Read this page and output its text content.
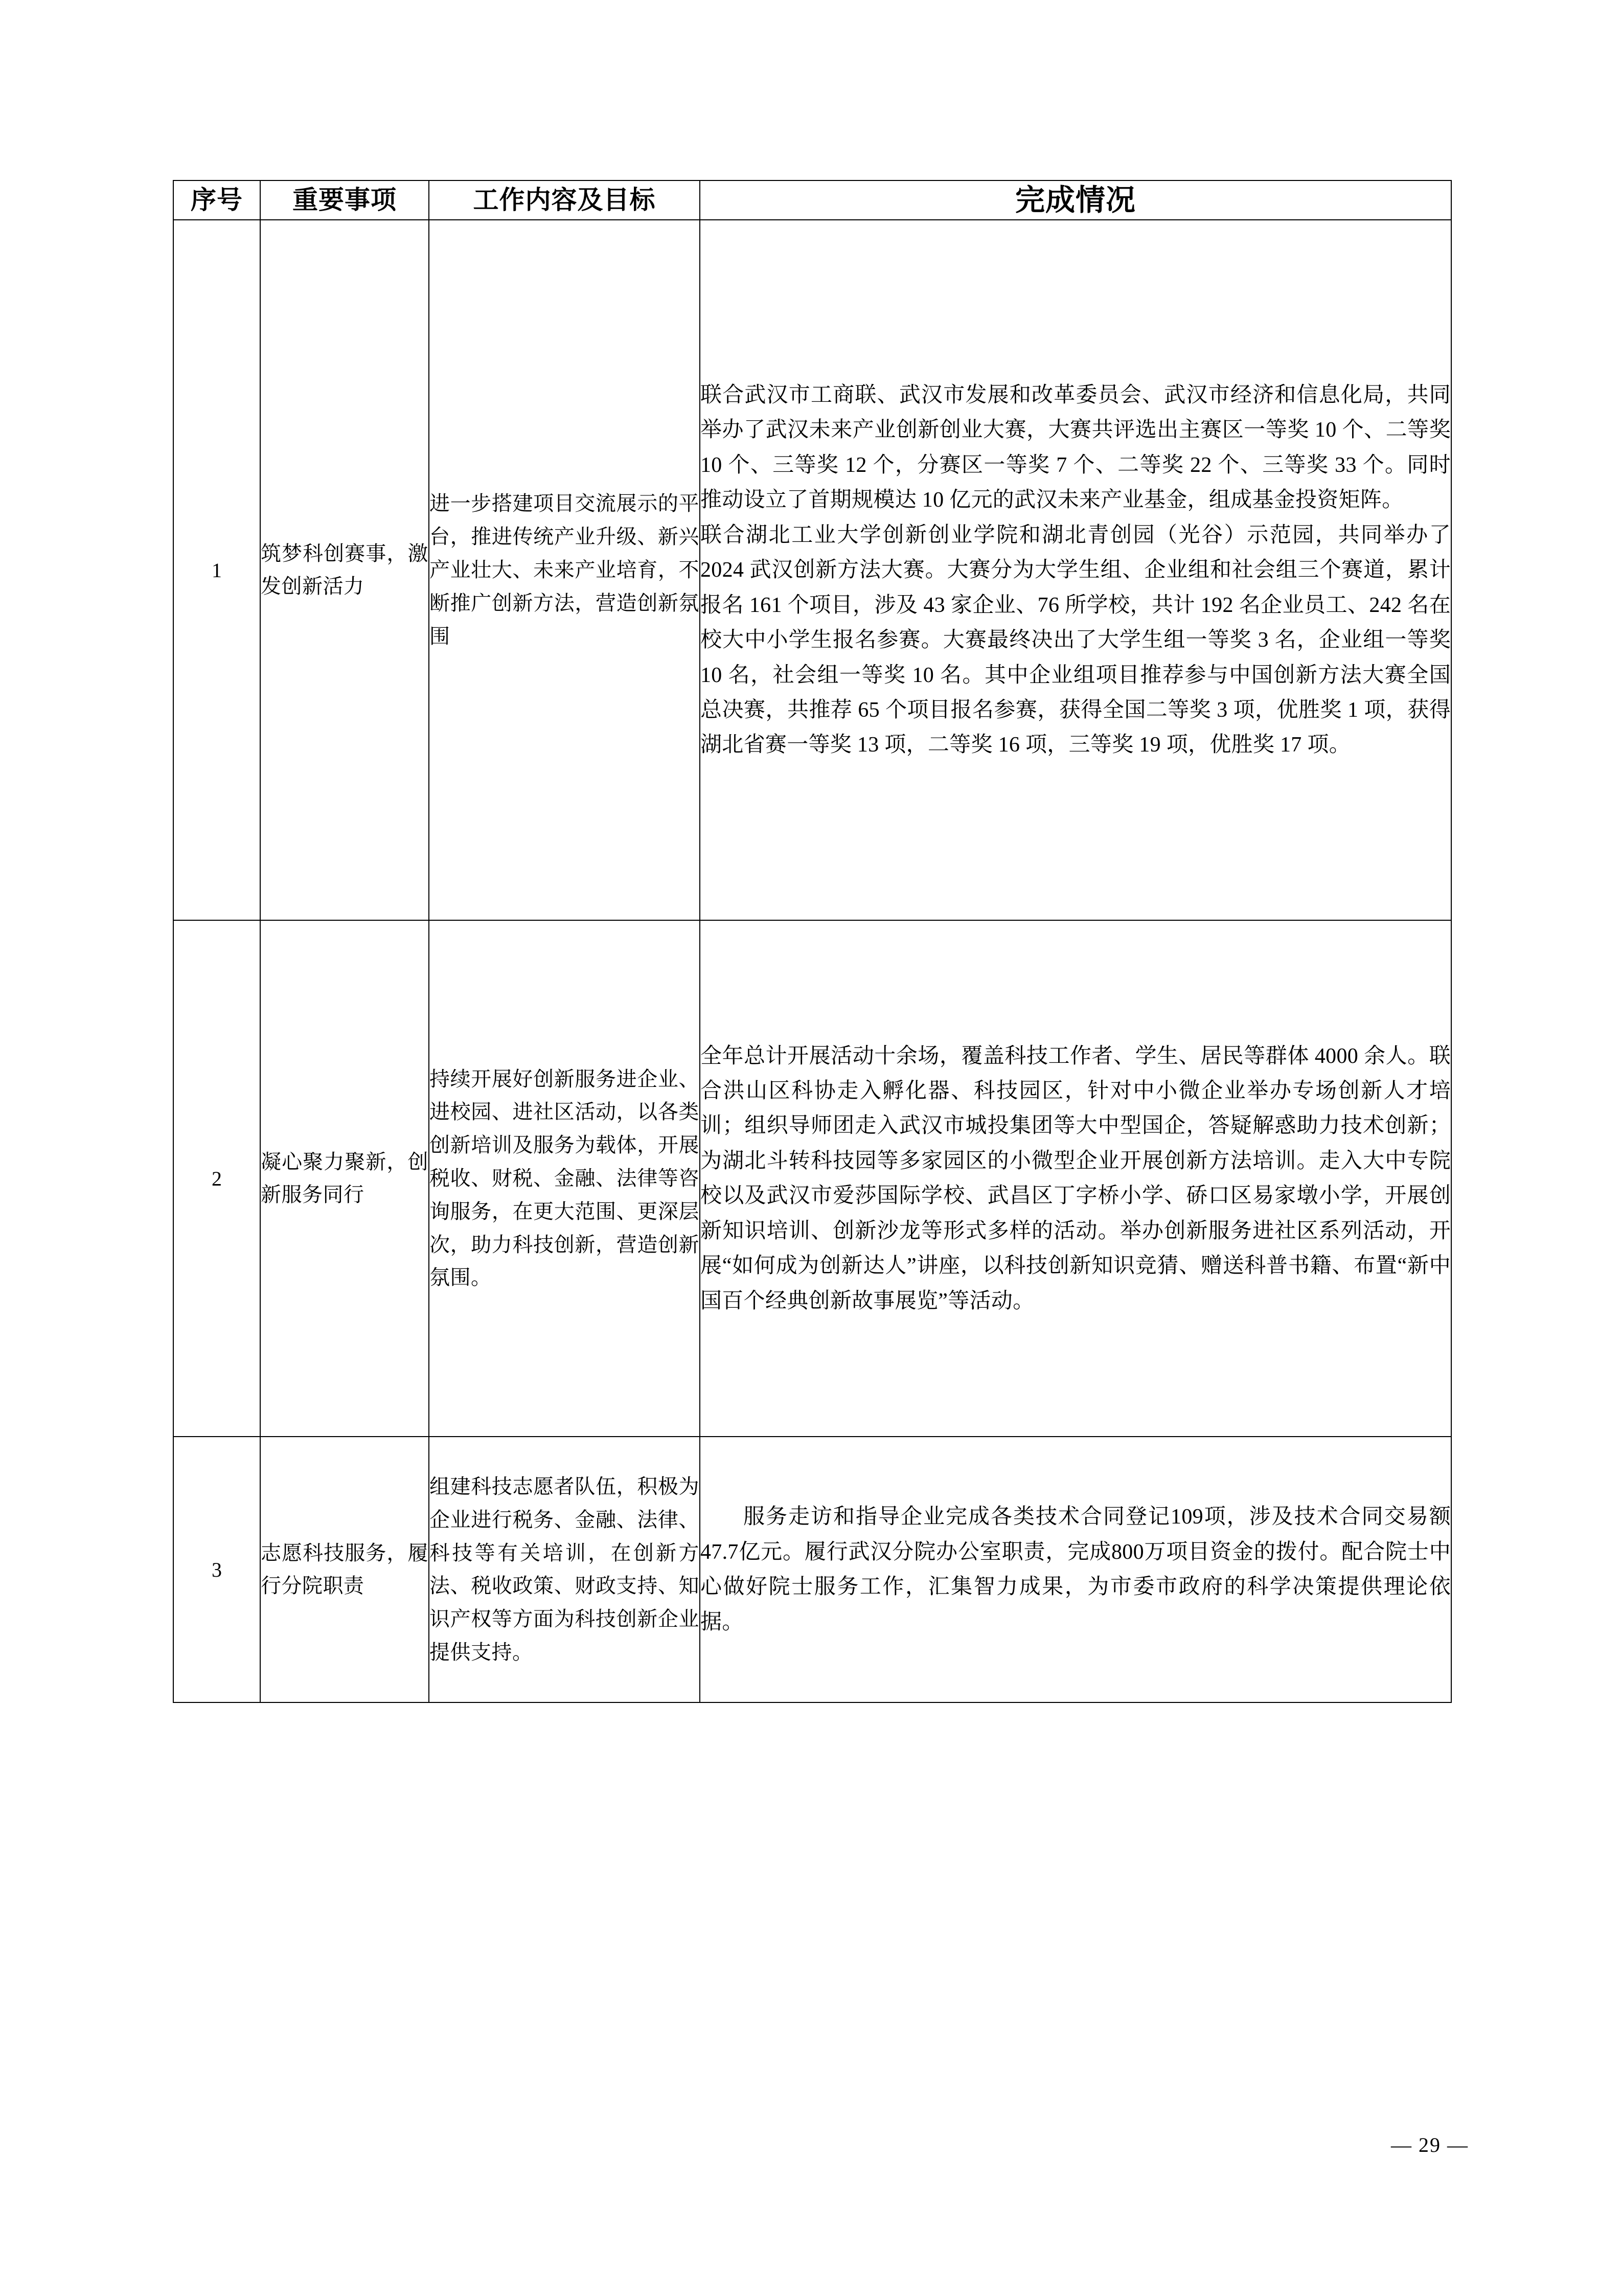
序号	重要事项	工作内容及目标	完成情况
1	筑梦科创赛事，激发创新活力	进一步搭建项目交流展示的平台，推进传统产业升级、新兴产业壮大、未来产业培育，不断推广创新方法，营造创新氛围	联合武汉市工商联、武汉市发展和改革委员会、武汉市经济和信息化局，共同举办了武汉未来产业创新创业大赛，大赛共评选出主赛区一等奖 10 个、二等奖 10 个、三等奖 12 个，分赛区一等奖 7 个、二等奖 22 个、三等奖 33 个。同时推动设立了首期规模达 10 亿元的武汉未来产业基金，组成基金投资矩阵。

联合湖北工业大学创新创业学院和湖北青创园（光谷）示范园，共同举办了 2024 武汉创新方法大赛。大赛分为大学生组、企业组和社会组三个赛道，累计报名 161 个项目，涉及 43 家企业、76 所学校，共计 192 名企业员工、242 名在校大中小学生报名参赛。大赛最终决出了大学生组一等奖 3 名，企业组一等奖 10 名，社会组一等奖 10 名。其中企业组项目推荐参与中国创新方法大赛全国总决赛，共推荐 65 个项目报名参赛，获得全国二等奖 3 项，优胜奖 1 项，获得湖北省赛一等奖 13 项，二等奖 16 项，三等奖 19 项，优胜奖 17 项。

2	凝心聚力聚新，创新服务同行	持续开展好创新服务进企业、进校园、进社区活动，以各类创新培训及服务为载体，开展税收、财税、金融、法律等咨询服务，在更大范围、更深层次，助力科技创新，营造创新氛围。	全年总计开展活动十余场，覆盖科技工作者、学生、居民等群体 4000 余人。联合洪山区科协走入孵化器、科技园区，针对中小微企业举办专场创新人才培训；组织导师团走入武汉市城投集团等大中型国企，答疑解惑助力技术创新；为湖北斗转科技园等多家园区的小微型企业开展创新方法培训。走入大中专院校以及武汉市爱莎国际学校、武昌区丁字桥小学、硚口区易家墩小学，开展创新知识培训、创新沙龙等形式多样的活动。举办创新服务进社区系列活动，开展“如何成为创新达人”讲座，以科技创新知识竞猜、赠送科普书籍、布置“新中国百个经典创新故事展览”等活动。

3	志愿科技服务，履行分院职责	组建科技志愿者队伍，积极为企业进行税务、金融、法律、科技等有关培训，在创新方法、税收政策、财政支持、知识产权等方面为科技创新企业提供支持。	服务走访和指导企业完成各类技术合同登记109项，涉及技术合同交易额47.7亿元。履行武汉分院办公室职责，完成800万项目资金的拨付。配合院士中心做好院士服务工作，汇集智力成果，为市委市政府的科学决策提供理论依据。

— 29 —
